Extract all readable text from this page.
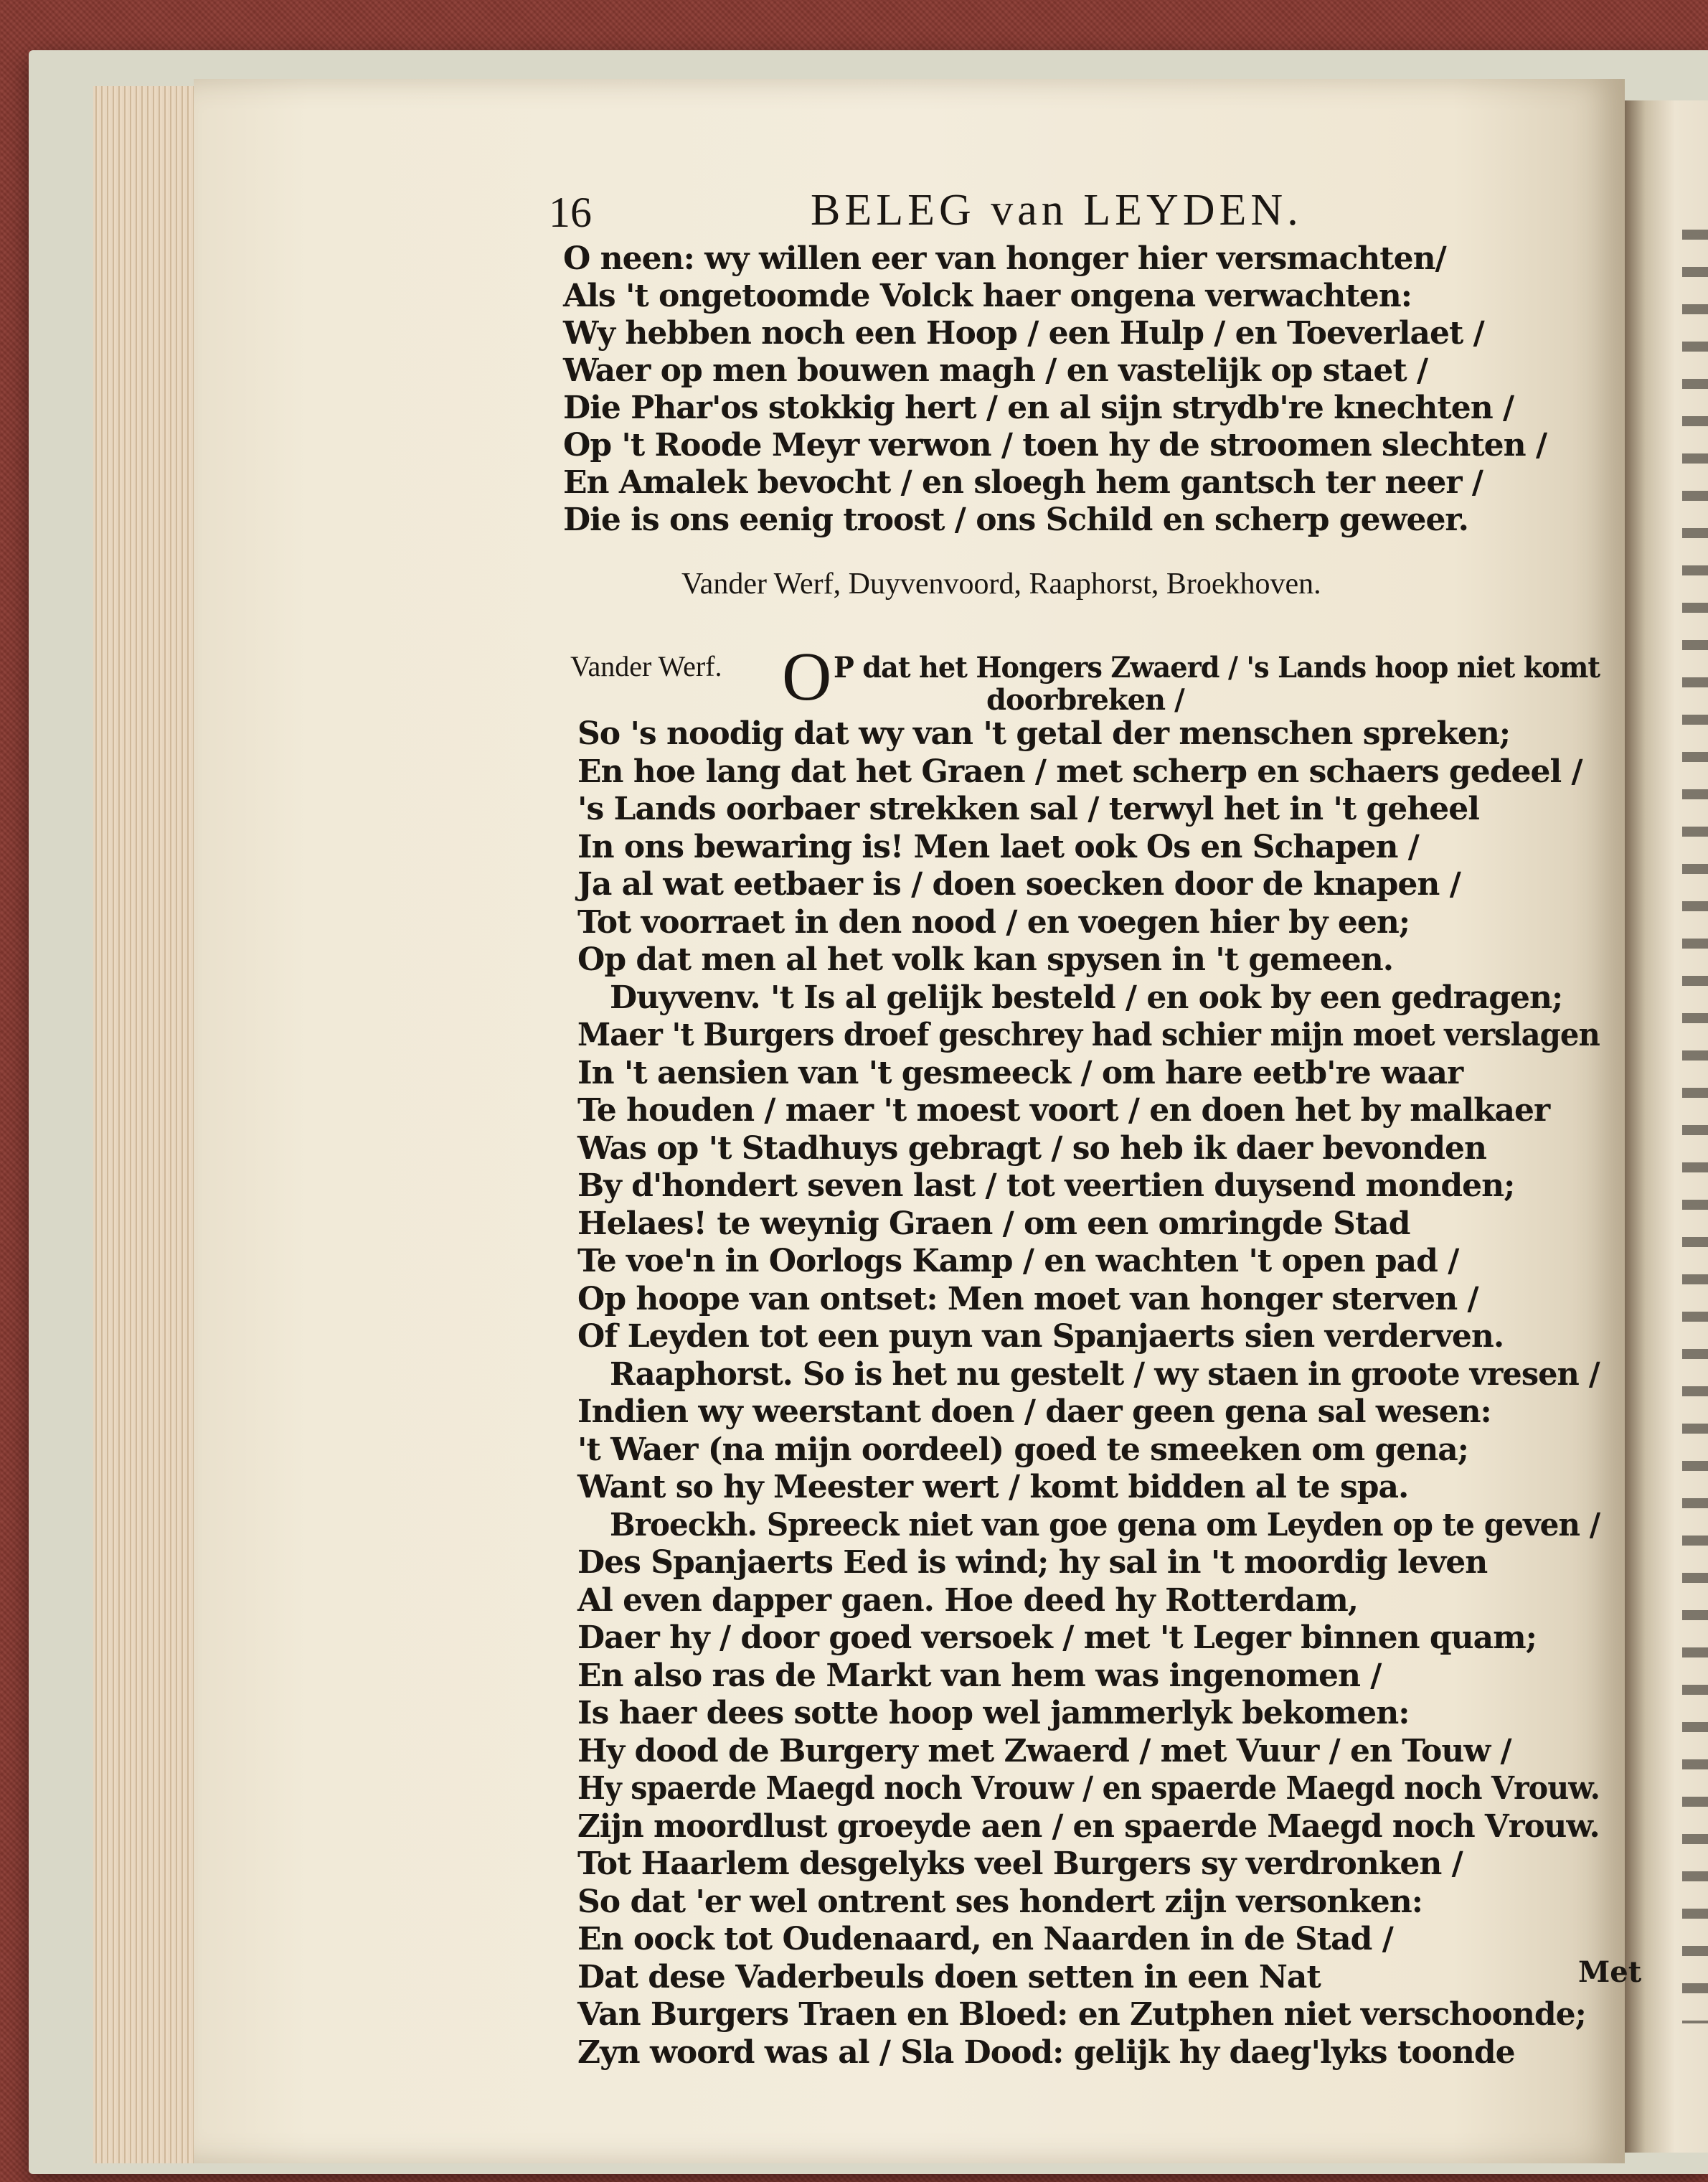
16	BELEG van LEYDEN.
O neen: wy willen eer van honger hier versmachten/
Als 't ongetoomde Volck haer ongena verwachten:
Wy hebben noch een Hoop / een Hulp / en Toeverlaet /
Waer op men bouwen magh / en vastelijk op staet /
Die Phar'os stokkig hert / en al sijn strydb're knechten /
Op 't Roode Meyr verwon / toen hy de stroomen slechten /
En Amalek bevocht / en sloegh hem gantsch ter neer /
Die is ons eenig troost / ons Schild en scherp geweer.
Vander Werf, Duyvenvoord, Raaphorst, Broekhoven.
Vander Werf. O P dat het Hongers Zwaerd / 's Lands hoop niet komt
doorbreken /
So 's noodig dat wy van 't getal der menschen spreken;
En hoe lang dat het Graen / met scherp en schaers gedeel /
's Lands oorbaer strekken sal / terwyl het in 't geheel
In ons bewaring is! Men laet ook Os en Schapen /
Ja al wat eetbaer is / doen soecken door de knapen /
Tot voorraet in den nood / en voegen hier by een;
Op dat men al het volk kan spysen in 't gemeen.
Duyvenv. 't Is al gelijk besteld / en ook by een gedragen;
Maer 't Burgers droef geschrey had schier mijn moet verslagen
In 't aensien van 't gesmeeck / om hare eetb're waar
Te houden / maer 't moest voort / en doen het by malkaer
Was op 't Stadhuys gebragt / so heb ik daer bevonden
By d'hondert seven last / tot veertien duysend monden;
Helaes! te weynig Graen / om een omringde Stad
Te voe'n in Oorlogs Kamp / en wachten 't open pad /
Op hoope van ontset: Men moet van honger sterven /
Of Leyden tot een puyn van Spanjaerts sien verderven.
Raaphorst. So is het nu gestelt / wy staen in groote vresen /
Indien wy weerstant doen / daer geen gena sal wesen:
't Waer (na mijn oordeel) goed te smeeken om gena;
Want so hy Meester wert / komt bidden al te spa.
Broeckh. Spreeck niet van goe gena om Leyden op te geven /
Des Spanjaerts Eed is wind; hy sal in 't moordig leven
Al even dapper gaen. Hoe deed hy Rotterdam,
Daer hy / door goed versoek / met 't Leger binnen quam;
En also ras de Markt van hem was ingenomen /
Is haer dees sotte hoop wel jammerlyk bekomen:
Hy dood de Burgery met Zwaerd / met Vuur / en Touw /
Hy spaerde Maegd noch Vrouw / en spaerde Maegd noch Vrouw.
Zijn moordlust groeyde aen / en spaerde Maegd noch Vrouw.
Tot Haarlem desgelyks veel Burgers sy verdronken /
So dat 'er wel ontrent ses hondert zijn versonken:
En oock tot Oudenaard, en Naarden in de Stad /
Dat dese Vaderbeuls doen setten in een Nat
Van Burgers Traen en Bloed: en Zutphen niet verschoonde;
Zyn woord was al / Sla Dood: gelijk hy daeg'lyks toonde
Met
